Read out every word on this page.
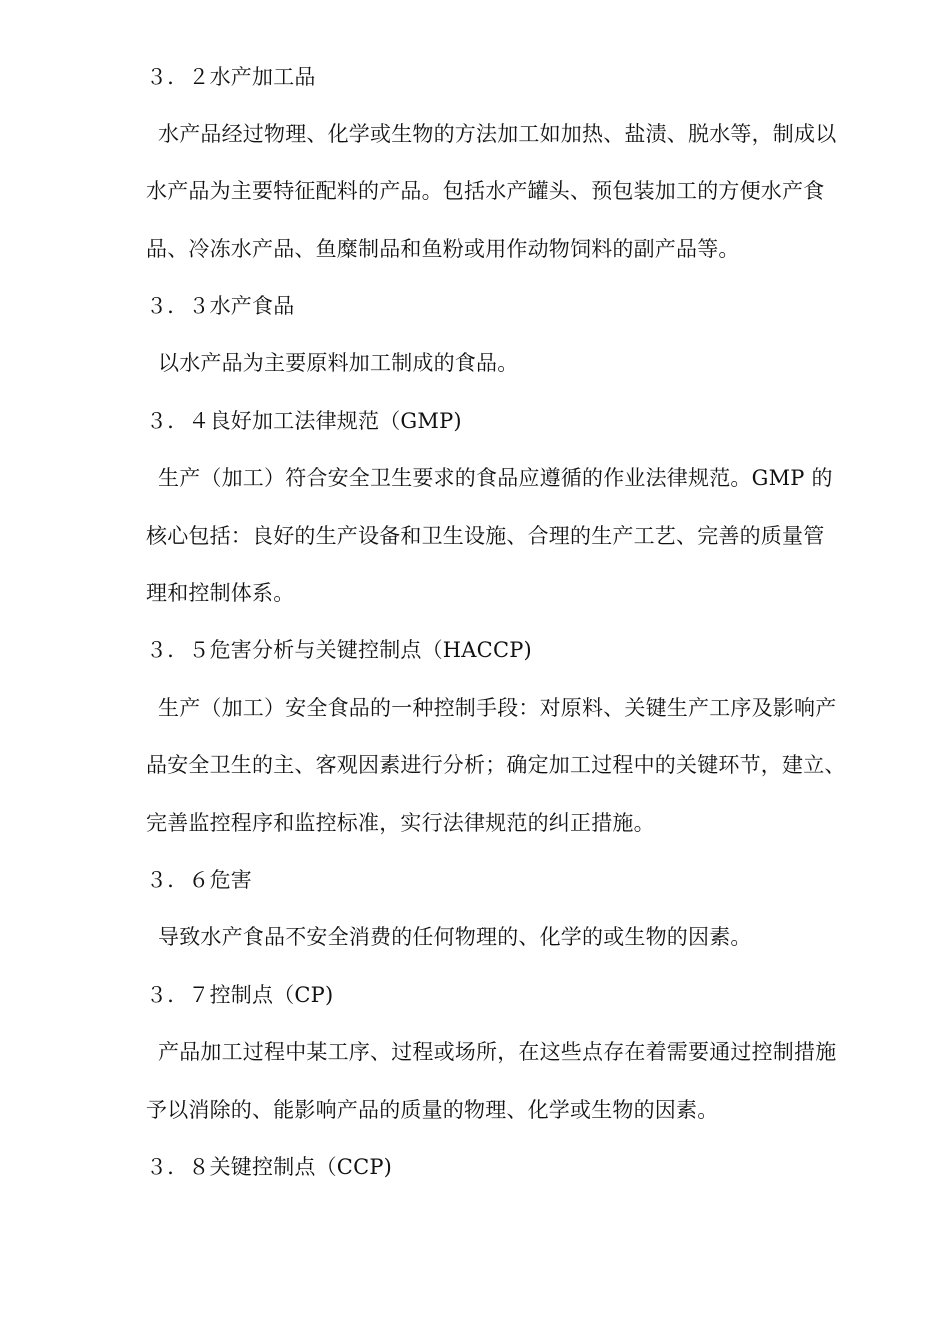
３．２水产加工品
水产品经过物理、化学或生物的方法加工如加热、盐渍、脱水等，制成以
水产品为主要特征配料的产品。包括水产罐头、预包装加工的方便水产食
品、冷冻水产品、鱼糜制品和鱼粉或用作动物饲料的副产品等。
３．３水产食品
以水产品为主要原料加工制成的食品。
３．４良好加工法律规范（GMP)
生产（加工）符合安全卫生要求的食品应遵循的作业法律规范。GMP 的
核心包括：良好的生产设备和卫生设施、合理的生产工艺、完善的质量管
理和控制体系。
３．５危害分析与关键控制点（HACCP)
生产（加工）安全食品的一种控制手段：对原料、关键生产工序及影响产
品安全卫生的主、客观因素进行分析；确定加工过程中的关键环节，建立、
完善监控程序和监控标准，实行法律规范的纠正措施。
３．６危害
导致水产食品不安全消费的任何物理的、化学的或生物的因素。
３．７控制点（CP)
产品加工过程中某工序、过程或场所，在这些点存在着需要通过控制措施
予以消除的、能影响产品的质量的物理、化学或生物的因素。
３．８关键控制点（CCP)
